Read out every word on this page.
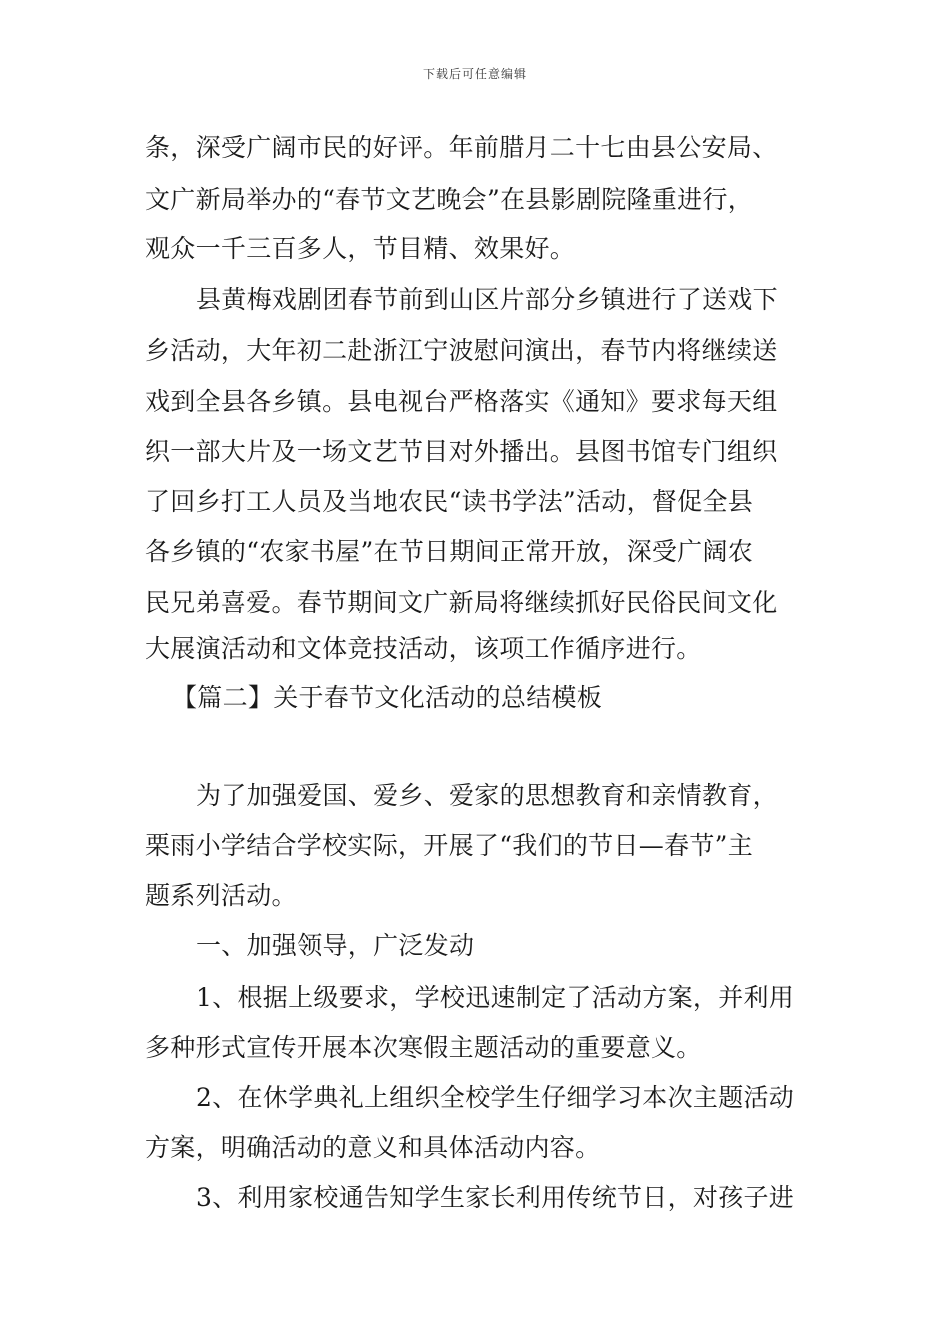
下载后可任意编辑
条，深受广阔市民的好评。年前腊月二十七由县公安局、
文广新局举办的“春节文艺晚会”在县影剧院隆重进行，
观众一千三百多人，节目精、效果好。
县黄梅戏剧团春节前到山区片部分乡镇进行了送戏下
乡活动，大年初二赴浙江宁波慰问演出，春节内将继续送
戏到全县各乡镇。县电视台严格落实《通知》要求每天组
织一部大片及一场文艺节目对外播出。县图书馆专门组织
了回乡打工人员及当地农民“读书学法”活动，督促全县
各乡镇的“农家书屋”在节日期间正常开放，深受广阔农
民兄弟喜爱。春节期间文广新局将继续抓好民俗民间文化
大展演活动和文体竞技活动，该项工作循序进行。
【篇二】关于春节文化活动的总结模板
为了加强爱国、爱乡、爱家的思想教育和亲情教育，
栗雨小学结合学校实际，开展了“我们的节日—春节”主
题系列活动。
一、加强领导，广泛发动
1、根据上级要求，学校迅速制定了活动方案，并利用
多种形式宣传开展本次寒假主题活动的重要意义。
2、在休学典礼上组织全校学生仔细学习本次主题活动
方案，明确活动的意义和具体活动内容。
3、利用家校通告知学生家长利用传统节日，对孩子进
